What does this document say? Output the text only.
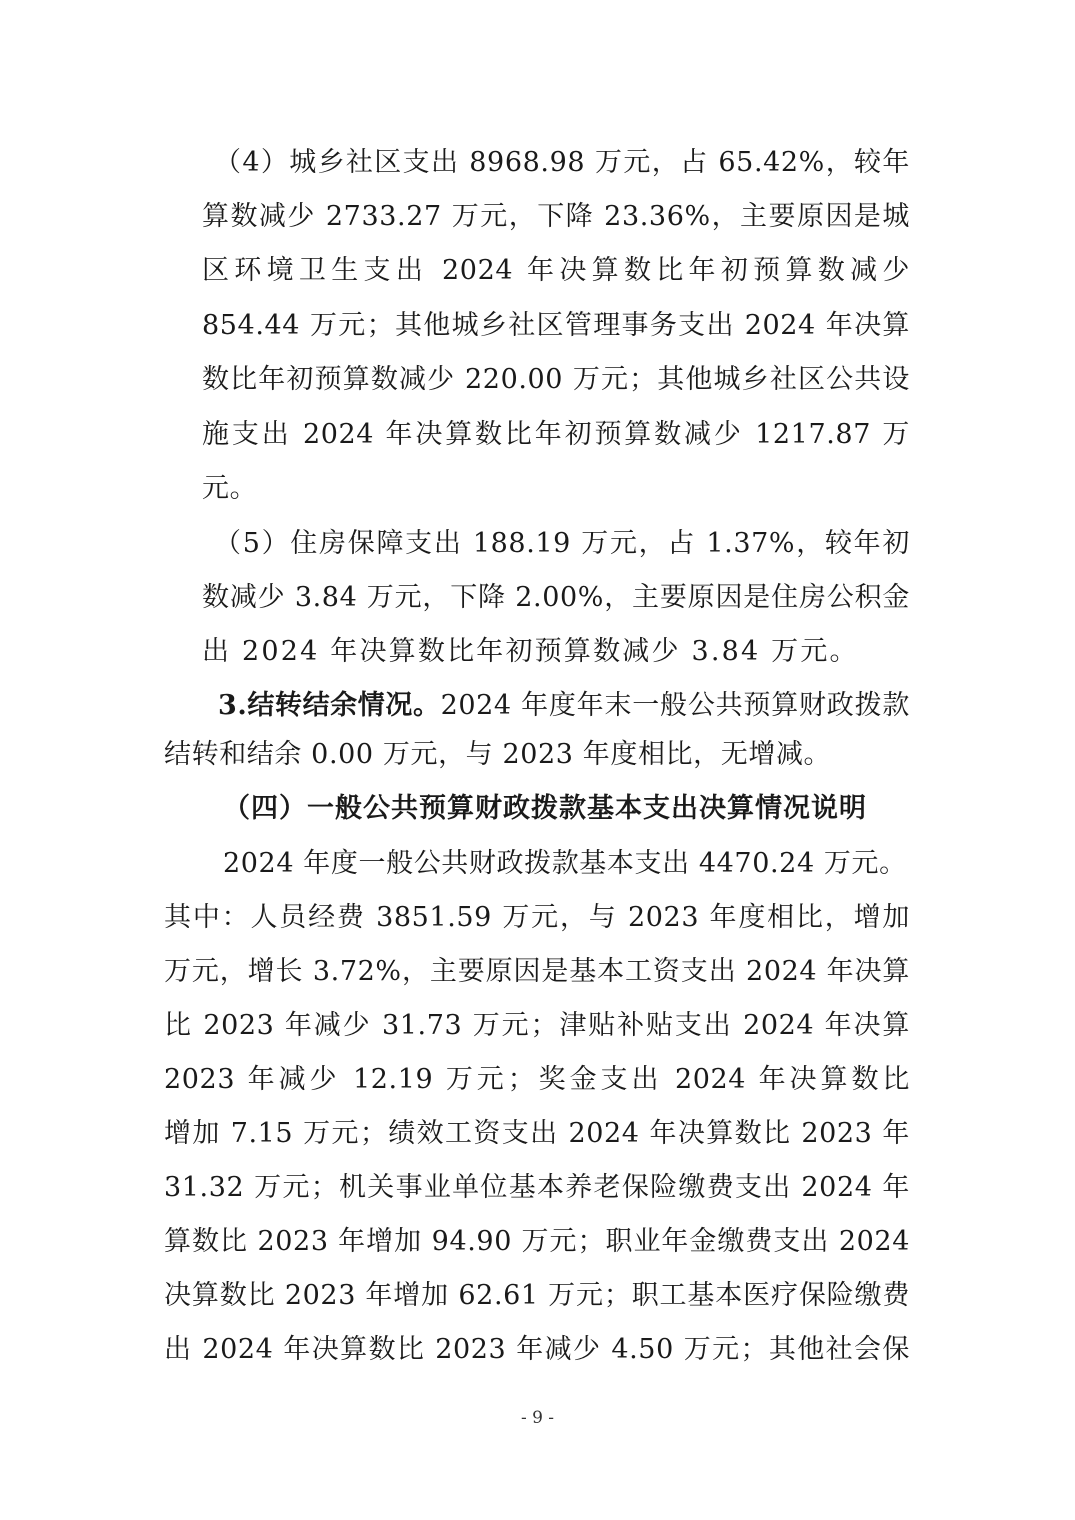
（4）城乡社区支出 8968.98 万元，占 65.42%，较年
算数减少 2733.27 万元，下降 23.36%，主要原因是城
区环境卫生支出 2024 年决算数比年初预算数减少
854.44 万元；其他城乡社区管理事务支出 2024 年决算
数比年初预算数减少 220.00 万元；其他城乡社区公共设
施支出 2024 年决算数比年初预算数减少 1217.87 万
元。
（5）住房保障支出 188.19 万元，占 1.37%，较年初
数减少 3.84 万元，下降 2.00%，主要原因是住房公积金
出 2024 年决算数比年初预算数减少 3.84 万元。
3.结转结余情况。 2024 年度年末一般公共预算财政拨款
结转和结余 0.00 万元，与 2023 年度相比，无增减。
（四）一般公共预算财政拨款基本支出决算情况说明
2024 年度一般公共财政拨款基本支出 4470.24 万元。
其中：人员经费 3851.59 万元，与 2023 年度相比，增加
万元，增长 3.72%，主要原因是基本工资支出 2024 年决算
比 2023 年减少 31.73 万元；津贴补贴支出 2024 年决算
2023 年减少 12.19 万元；奖金支出 2024 年决算数比
增加 7.15 万元；绩效工资支出 2024 年决算数比 2023 年
31.32 万元；机关事业单位基本养老保险缴费支出 2024 年
算数比 2023 年增加 94.90 万元；职业年金缴费支出 2024
决算数比 2023 年增加 62.61 万元；职工基本医疗保险缴费
出 2024 年决算数比 2023 年减少 4.50 万元；其他社会保
- 9 -
